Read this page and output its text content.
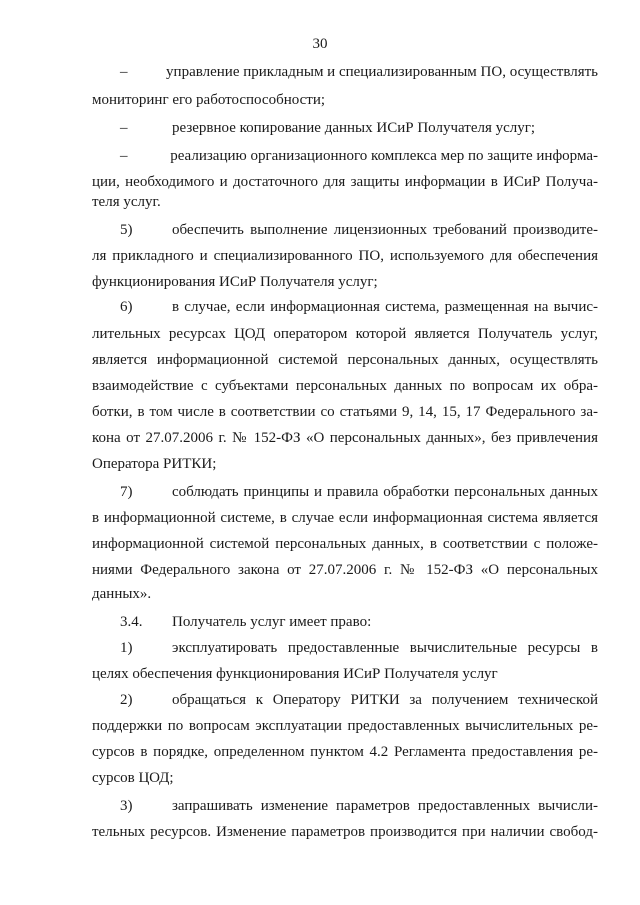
30
–	управление прикладным и специализированным ПО, осуществлять
мониторинг его работоспособности;
–	резервное копирование данных ИСиР Получателя услуг;
–	реализацию организационного комплекса мер по защите информа-
ции, необходимого и достаточного для защиты информации в ИСиР Получа-
теля услуг.
5)	обеспечить выполнение лицензионных требований производите-
ля прикладного и специализированного ПО, используемого для обеспечения
функционирования ИСиР Получателя услуг;
6)	в случае, если информационная система, размещенная на вычис-
лительных ресурсах ЦОД оператором которой является Получатель услуг,
является информационной системой персональных данных, осуществлять
взаимодействие с субъектами персональных данных по вопросам их обра-
ботки, в том числе в соответствии со статьями 9, 14, 15, 17 Федерального за-
кона от 27.07.2006 г. № 152-ФЗ «О персональных данных», без привлечения
Оператора РИТКИ;
7)	соблюдать принципы и правила обработки персональных данных
в информационной системе, в случае если информационная система является
информационной системой персональных данных, в соответствии с положе-
ниями Федерального закона от 27.07.2006 г. № 152-ФЗ «О персональных
данных».
3.4. Получатель услуг имеет право:
1)	эксплуатировать предоставленные вычислительные ресурсы в
целях обеспечения функционирования ИСиР Получателя услуг
2)	обращаться к Оператору РИТКИ за получением технической
поддержки по вопросам эксплуатации предоставленных вычислительных ре-
сурсов в порядке, определенном пунктом 4.2 Регламента предоставления ре-
сурсов ЦОД;
3)	запрашивать изменение параметров предоставленных вычисли-
тельных ресурсов. Изменение параметров производится при наличии свобод-
